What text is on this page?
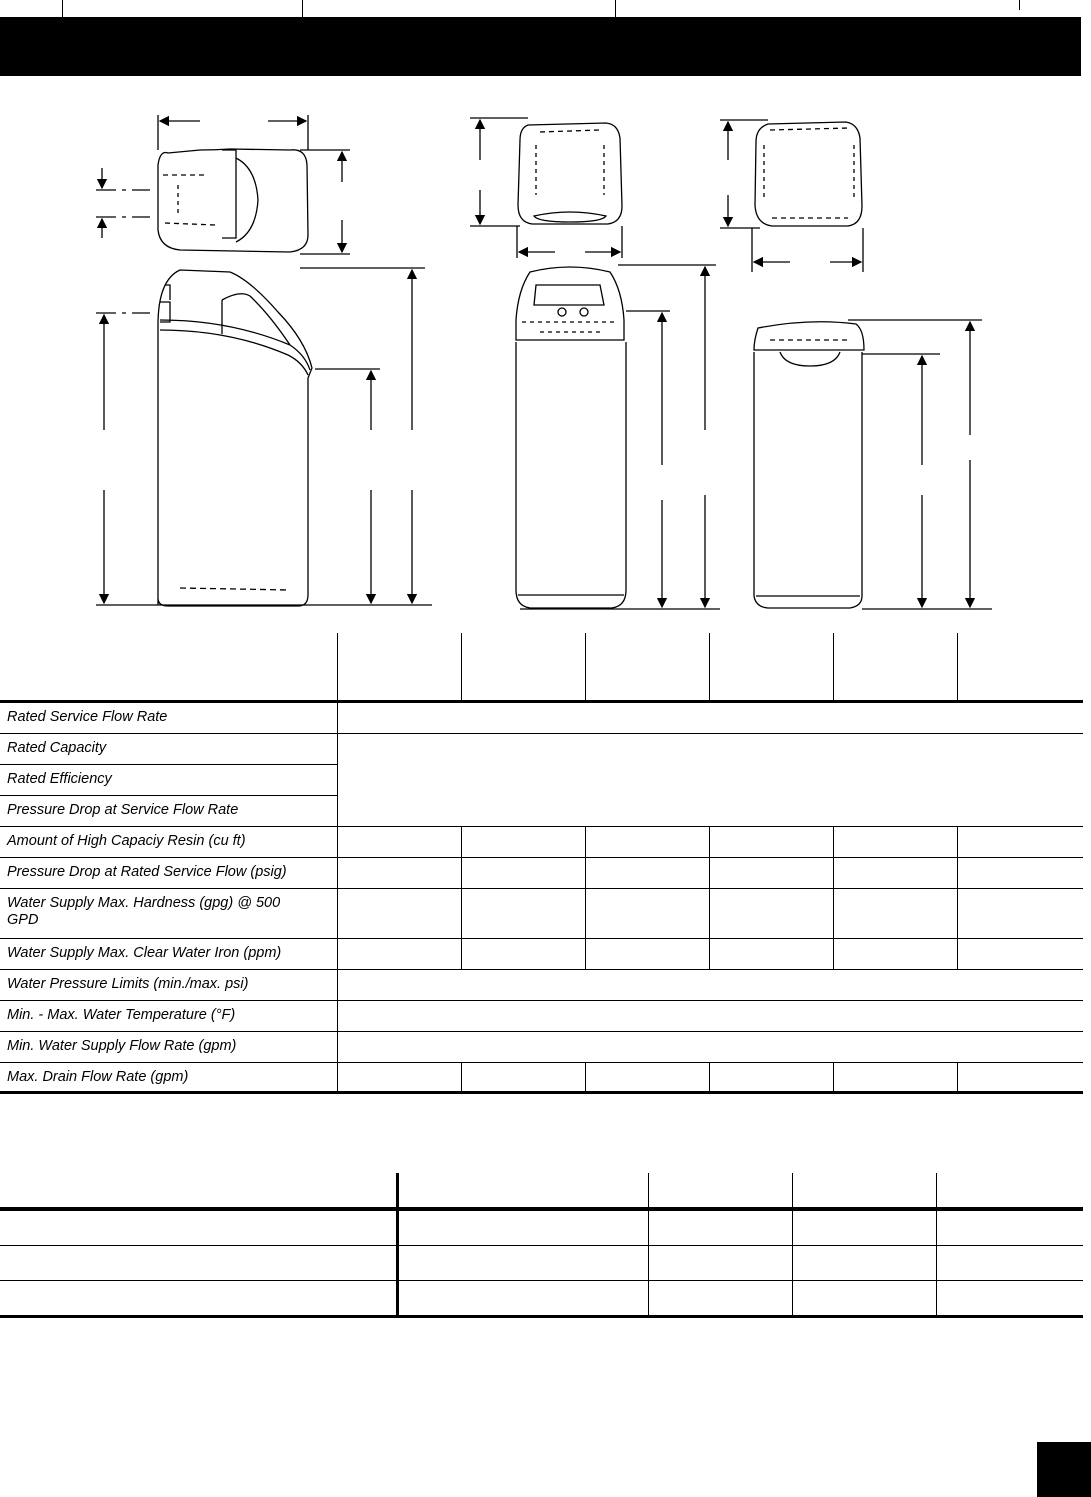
Rated Service Flow Rate
Rated Capacity
Rated Efficiency
Pressure Drop at Service Flow Rate
Amount of High Capaciy Resin (cu ft)
Pressure Drop at Rated Service Flow (psig)
Water Supply Max. Hardness (gpg) @ 500 GPD
Water Supply Max. Clear Water Iron (ppm)
Water Pressure Limits (min./max. psi)
Min. - Max. Water Temperature (°F)
Min. Water Supply Flow Rate (gpm)
Max. Drain Flow Rate (gpm)
